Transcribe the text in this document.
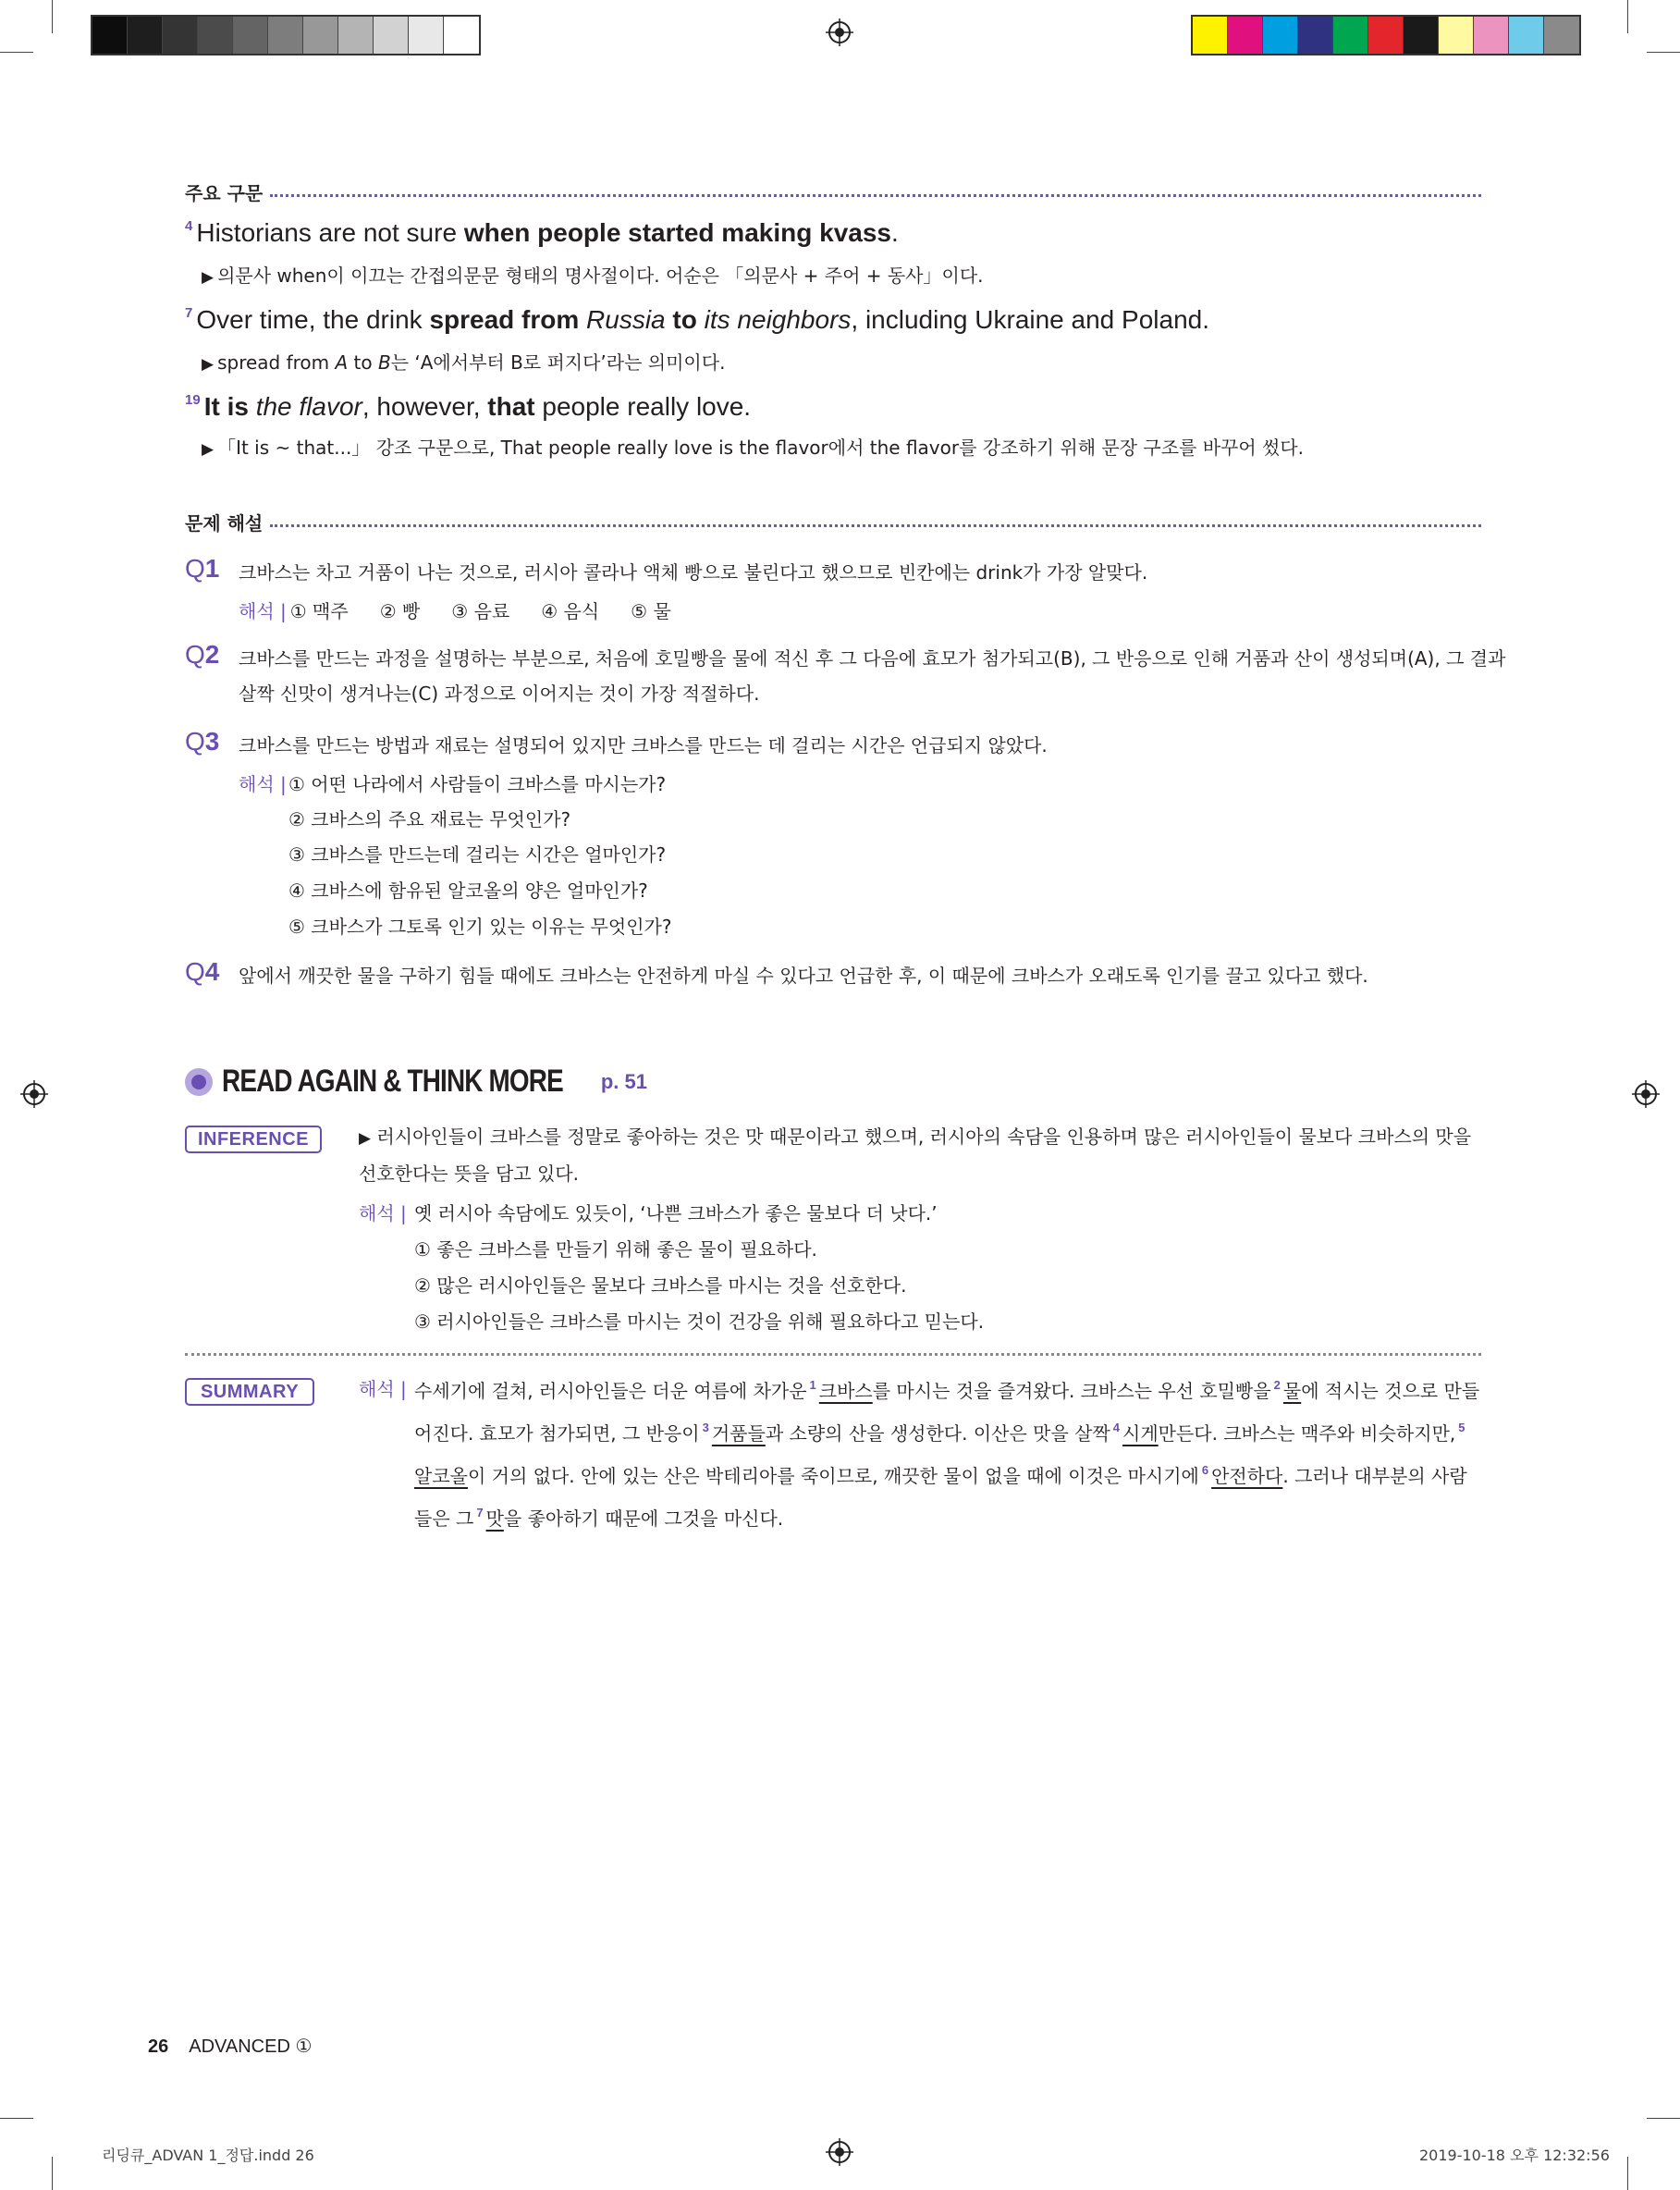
주요 구문
$^4$ Historians are not sure when people started making kvass.
▶ 의문사 when이 이끄는 간접의문문 형태의 명사절이다. 어순은 「의문사 + 주어 + 동사」이다.
$^7$ Over time, the drink spread from Russia to its neighbors, including Ukraine and Poland.
▶ spread from A to B는 ‘A에서부터 B로 퍼지다’라는 의미이다.
$^{19}$ It is the flavor, however, that people really love.
▶ 「It is ~ that...」 강조 구문으로, That people really love is the flavor에서 the flavor를 강조하기 위해 문장 구조를 바꾸어 썼다.
문제 해설
Q1	크바스는 차고 거품이 나는 것으로, 러시아 콜라나 액체 빵으로 불린다고 했으므로 빈칸에는 drink가 가장 알맞다.
해석 | ① 맥주 ② 빵 ③ 음료 ④ 음식 ⑤ 물
Q2	크바스를 만드는 과정을 설명하는 부분으로, 처음에 호밀빵을 물에 적신 후 그 다음에 효모가 첨가되고(B), 그 반응으로 인해 거품과 산이 생성되며(A), 그 결과 살짝 신맛이 생겨나는(C) 과정으로 이어지는 것이 가장 적절하다.
Q3	크바스를 만드는 방법과 재료는 설명되어 있지만 크바스를 만드는 데 걸리는 시간은 언급되지 않았다.
해석 | ① 어떤 나라에서 사람들이 크바스를 마시는가?
② 크바스의 주요 재료는 무엇인가?
③ 크바스를 만드는데 걸리는 시간은 얼마인가?
④ 크바스에 함유된 알코올의 양은 얼마인가?
⑤ 크바스가 그토록 인기 있는 이유는 무엇인가?
Q4	앞에서 깨끗한 물을 구하기 힘들 때에도 크바스는 안전하게 마실 수 있다고 언급한 후, 이 때문에 크바스가 오래도록 인기를 끌고 있다고 했다.
READ AGAIN & THINK MORE p. 51
INFERENCE	▶ 러시아인들이 크바스를 정말로 좋아하는 것은 맛 때문이라고 했으며, 러시아의 속담을 인용하며 많은 러시아인들이 물보다 크바스의 맛을 선호한다는 뜻을 담고 있다.
해석 | 옛 러시아 속담에도 있듯이, ‘나쁜 크바스가 좋은 물보다 더 낫다.’
① 좋은 크바스를 만들기 위해 좋은 물이 필요하다.
② 많은 러시아인들은 물보다 크바스를 마시는 것을 선호한다.
③ 러시아인들은 크바스를 마시는 것이 건강을 위해 필요하다고 믿는다.
SUMMARY	해석 | 수세기에 걸쳐, 러시아인들은 더운 여름에 차가운 $^1$ 크바스를 마시는 것을 즐겨왔다. 크바스는 우선 호밀빵을 $^2$ 물에 적시는 것으로 만들어진다. 효모가 첨가되면, 그 반응이 $^3$ 거품들과 소량의 산을 생성한다. 이산은 맛을 살짝 $^4$ 시게만든다. 크바스는 맥주와 비슷하지만, $^5$알코올이 거의 없다. 안에 있는 산은 박테리아를 죽이므로, 깨끗한 물이 없을 때에 이것은 마시기에 $^6$ 안전하다. 그러나 대부분의 사람들은 그 $^7$ 맛을 좋아하기 때문에 그것을 마신다.
26 ADVANCED ①
리딩큐_ADVAN 1_정답.indd 26	2019-10-18 오후 12:32:56
